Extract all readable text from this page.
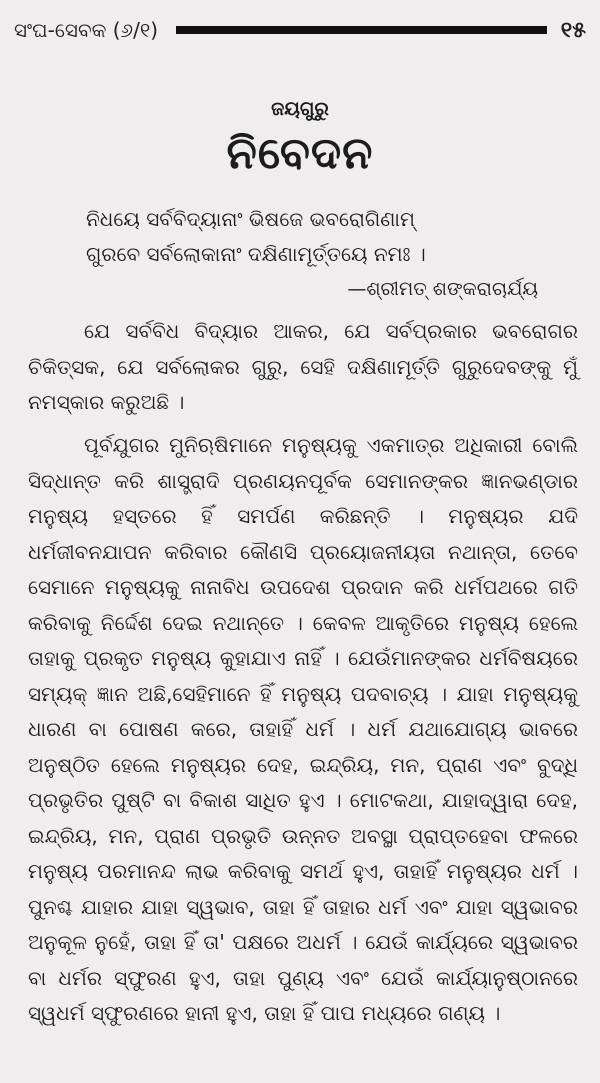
ସଂଘ-ସେବକ (୬/୧)	୧୫
ଜୟଗୁରୁ
ନିବେଦନ
ନିଧୟେ ସର୍ବବିଦ୍ୟାନାଂ ଭିଷଜେ ଭବରୋଗିଣାମ୍
ଗୁରବେ ସର୍ବଲୋକାନାଂ ଦକ୍ଷିଣାମୂର୍ତ୍ତୟେ ନମଃ ।
—ଶ୍ରୀମତ୍ ଶଙ୍କରାଚାର୍ଯ୍ୟ

ଯେ ସର୍ବବିଧ ବିଦ୍ୟାର ଆକର, ଯେ ସର୍ବପ୍ରକାର ଭବରୋଗର ଚିକିତ୍ସକ, ଯେ ସର୍ବଲୋକର ଗୁରୁ, ସେହି ଦକ୍ଷିଣାମୂର୍ତ୍ତି ଗୁରୁଦେବଙ୍କୁ ମୁଁ ନମସ୍କାର କରୁଅଛି ।

ପୂର୍ବଯୁଗର ମୁନିଋଷିମାନେ ମନୁଷ୍ୟକୁ ଏକମାତ୍ର ଅଧିକାରୀ ବୋଲି ସିଦ୍ଧାନ୍ତ କରି ଶାସ୍ତ୍ରାଦି ପ୍ରଣୟନପୂର୍ବକ ସେମାନଙ୍କର ଜ୍ଞାନଭଣ୍ଡାର ମନୁଷ୍ୟ ହସ୍ତରେ ହିଁ ସମର୍ପଣ କରିଛନ୍ତି । ମନୁଷ୍ୟର ଯଦି ଧର୍ମଜୀବନଯାପନ କରିବାର କୌଣସି ପ୍ରୟୋଜନୀୟତା ନଥାନ୍ତା, ତେବେ ସେମାନେ ମନୁଷ୍ୟକୁ ନାନାବିଧ ଉପଦେଶ ପ୍ରଦାନ କରି ଧର୍ମପଥରେ ଗତି କରିବାକୁ ନିର୍ଦ୍ଦେଶ ଦେଇ ନଥାନ୍ତେ । କେବଳ ଆକୃତିରେ ମନୁଷ୍ୟ ହେଲେ ତାହାକୁ ପ୍ରକୃତ ମନୁଷ୍ୟ କୁହାଯାଏ ନାହିଁ । ଯେଉଁମାନଙ୍କର ଧର୍ମବିଷୟରେ ସମ୍ୟକ୍ ଜ୍ଞାନ ଅଛି,ସେହିମାନେ ହିଁ ମନୁଷ୍ୟ ପଦବାଚ୍ୟ । ଯାହା ମନୁଷ୍ୟକୁ ଧାରଣ ବା ପୋଷଣ କରେ, ତାହାହିଁ ଧର୍ମ । ଧର୍ମ ଯଥାଯୋଗ୍ୟ ଭାବରେ ଅନୁଷ୍ଠିତ ହେଲେ ମନୁଷ୍ୟର ଦେହ, ଇନ୍ଦ୍ରିୟ, ମନ, ପ୍ରାଣ ଏବଂ ବୁଦ୍ଧି ପ୍ରଭୃତିର ପୁଷ୍ଟି ବା ବିକାଶ ସାଧିତ ହୁଏ । ମୋଟକଥା, ଯାହାଦ୍ୱାରା ଦେହ, ଇନ୍ଦ୍ରିୟ, ମନ, ପ୍ରାଣ ପ୍ରଭୃତି ଉନ୍ନତ ଅବସ୍ଥା ପ୍ରାପ୍ତହେବା ଫଳରେ ମନୁଷ୍ୟ ପରମାନନ୍ଦ ଲାଭ କରିବାକୁ ସମର୍ଥ ହୁଏ, ତାହାହିଁ ମନୁଷ୍ୟର ଧର୍ମ । ପୁନଶ୍ଚ ଯାହାର ଯାହା ସ୍ୱଭାବ, ତାହା ହିଁ ତାହାର ଧର୍ମ ଏବଂ ଯାହା ସ୍ୱଭାବର ଅନୁକୂଳ ନୁହେଁ, ତାହା ହିଁ ତା' ପକ୍ଷରେ ଅଧର୍ମ । ଯେଉଁ କାର୍ଯ୍ୟରେ ସ୍ୱଭାବର ବା ଧର୍ମର ସ୍ଫୁରଣ ହୁଏ, ତାହା ପୁଣ୍ୟ ଏବଂ ଯେଉଁ କାର୍ଯ୍ୟାନୁଷ୍ଠାନରେ ସ୍ୱଧର୍ମ ସ୍ଫୁରଣରେ ହାନୀ ହୁଏ, ତାହା ହିଁ ପାପ ମଧ୍ୟରେ ଗଣ୍ୟ ।
